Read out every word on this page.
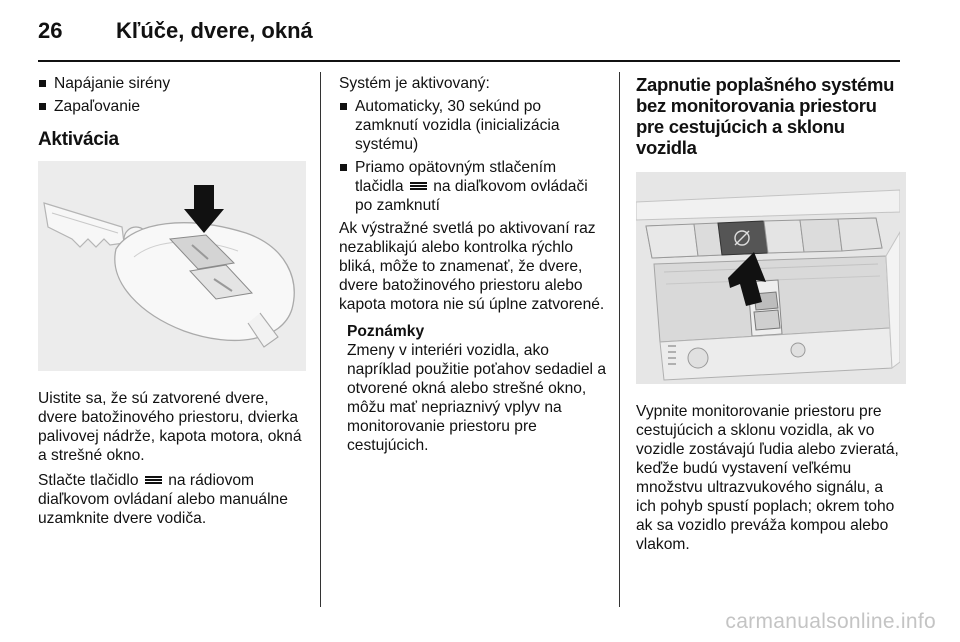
26 Kľúče, dvere, okná
Napájanie sirény
Zapaľovanie
Aktivácia
Uistite sa, že sú zatvorené dvere, dvere batožinového priestoru, dvierka palivovej nádrže, kapota motora, okná a strešné okno.
Stlačte tlačidlo na rádiovom diaľkovom ovládaní alebo manuálne uzamknite dvere vodiča.
Systém je aktivovaný:
Automaticky, 30 sekúnd po zamknutí vozidla (inicializácia systému)
Priamo opätovným stlačením tlačidla na diaľkovom ovládači po zamknutí
Ak výstražné svetlá po aktivovaní raz nezablikajú alebo kontrolka rýchlo bliká, môže to znamenať, že dvere, dvere batožinového priestoru alebo kapota motora nie sú úplne zatvorené.
Poznámky
Zmeny v interiéri vozidla, ako napríklad použitie poťahov sedadiel a otvorené okná alebo strešné okno, môžu mať nepriaznivý vplyv na monitorovanie priestoru pre cestujúcich.
Zapnutie poplašného systému bez monitorovania priestoru pre cestujúcich a sklonu vozidla
Vypnite monitorovanie priestoru pre cestujúcich a sklonu vozidla, ak vo vozidle zostávajú ľudia alebo zvieratá, keďže budú vystavení veľkému množstvu ultrazvukového signálu, a ich pohyb spustí poplach; okrem toho ak sa vozidlo preváža kompou alebo vlakom.
carmanualsonline.info
